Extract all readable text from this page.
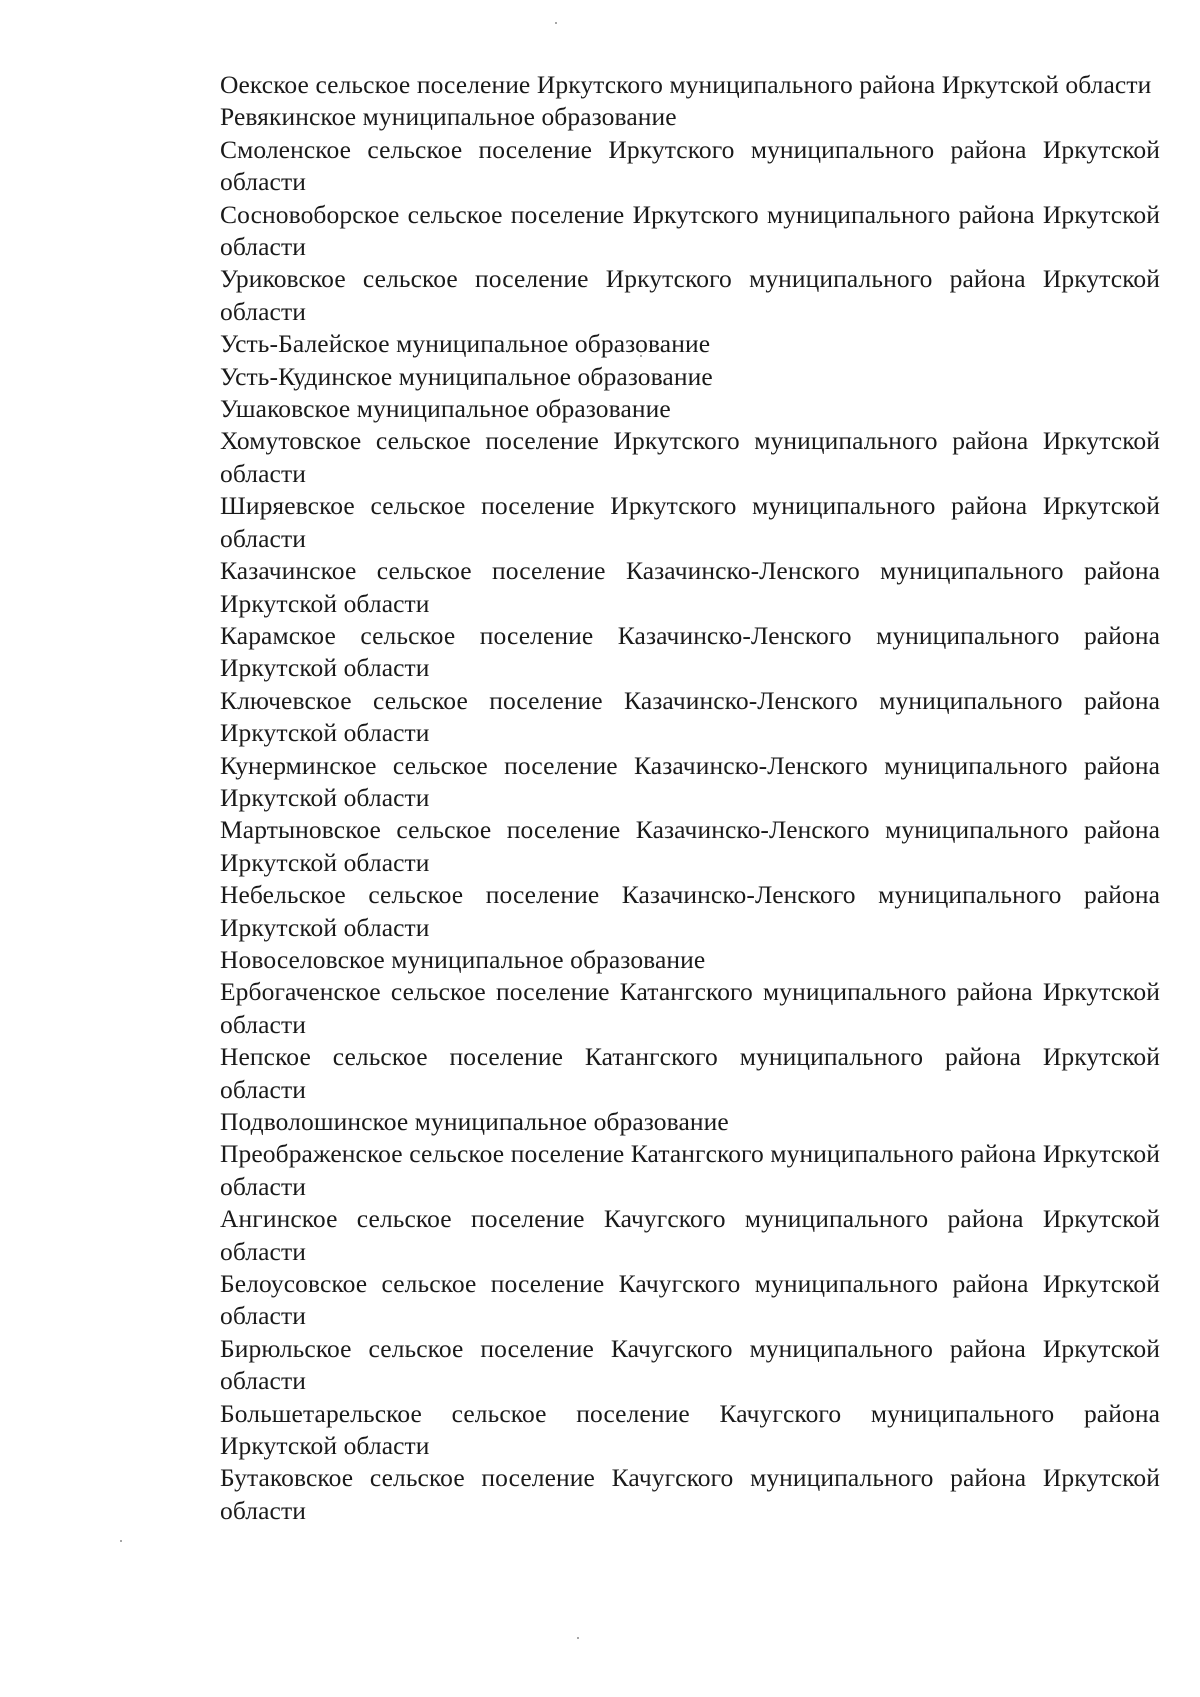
Оекское сельское поселение Иркутского муниципального района Иркутской области
Ревякинское муниципальное образование
Смоленское сельское поселение Иркутского муниципального района Иркутской области
Сосновоборское сельское поселение Иркутского муниципального района Иркутской области
Уриковское сельское поселение Иркутского муниципального района Иркутской области
Усть-Балейское муниципальное образование
Усть-Кудинское муниципальное образование
Ушаковское муниципальное образование
Хомутовское сельское поселение Иркутского муниципального района Иркутской области
Ширяевское сельское поселение Иркутского муниципального района Иркутской области
Казачинское сельское поселение Казачинско-Ленского муниципального района Иркутской области
Карамское сельское поселение Казачинско-Ленского муниципального района Иркутской области
Ключевское сельское поселение Казачинско-Ленского муниципального района Иркутской области
Кунерминское сельское поселение Казачинско-Ленского муниципального района Иркутской области
Мартыновское сельское поселение Казачинско-Ленского муниципального района Иркутской области
Небельское сельское поселение Казачинско-Ленского муниципального района Иркутской области
Новоселовское муниципальное образование
Ербогаченское сельское поселение Катангского муниципального района Иркутской области
Непское сельское поселение Катангского муниципального района Иркутской области
Подволошинское муниципальное образование
Преображенское сельское поселение Катангского муниципального района Иркутской области
Ангинское сельское поселение Качугского муниципального района Иркутской области
Белоусовское сельское поселение Качугского муниципального района Иркутской области
Бирюльское сельское поселение Качугского муниципального района Иркутской области
Большетарельское сельское поселение Качугского муниципального района Иркутской области
Бутаковское сельское поселение Качугского муниципального района Иркутской области
